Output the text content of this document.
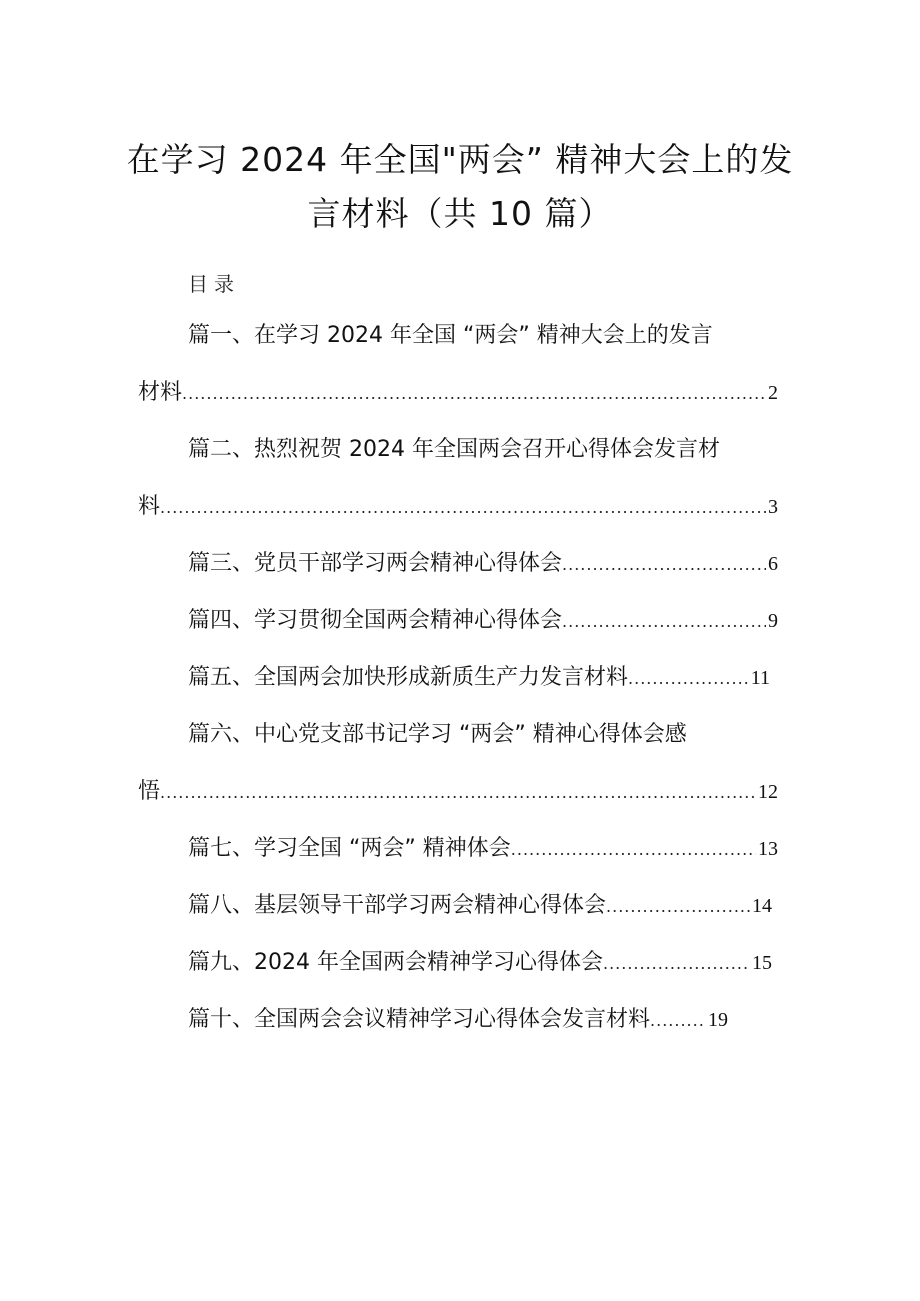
在学习 2024 年全国"两会” 精神大会上的发
言材料（共 10 篇）
目录
篇一、在学习 2024 年全国 “两会” 精神大会上的发言
材料 .....	2
篇二、热烈祝贺 2024 年全国两会召开心得体会发言材
料 .....	3
篇三、党员干部学习两会精神心得体会 .....	6
篇四、学习贯彻全国两会精神心得体会 .....	9
篇五、全国两会加快形成新质生产力发言材料 .....	11
篇六、中心党支部书记学习 “两会” 精神心得体会感
悟 .....	12
篇七、学习全国 “两会” 精神体会 .....	13
篇八、基层领导干部学习两会精神心得体会 .....	14
篇九、2024 年全国两会精神学习心得体会 .....	15
篇十、全国两会会议精神学习心得体会发言材料 .....	19
